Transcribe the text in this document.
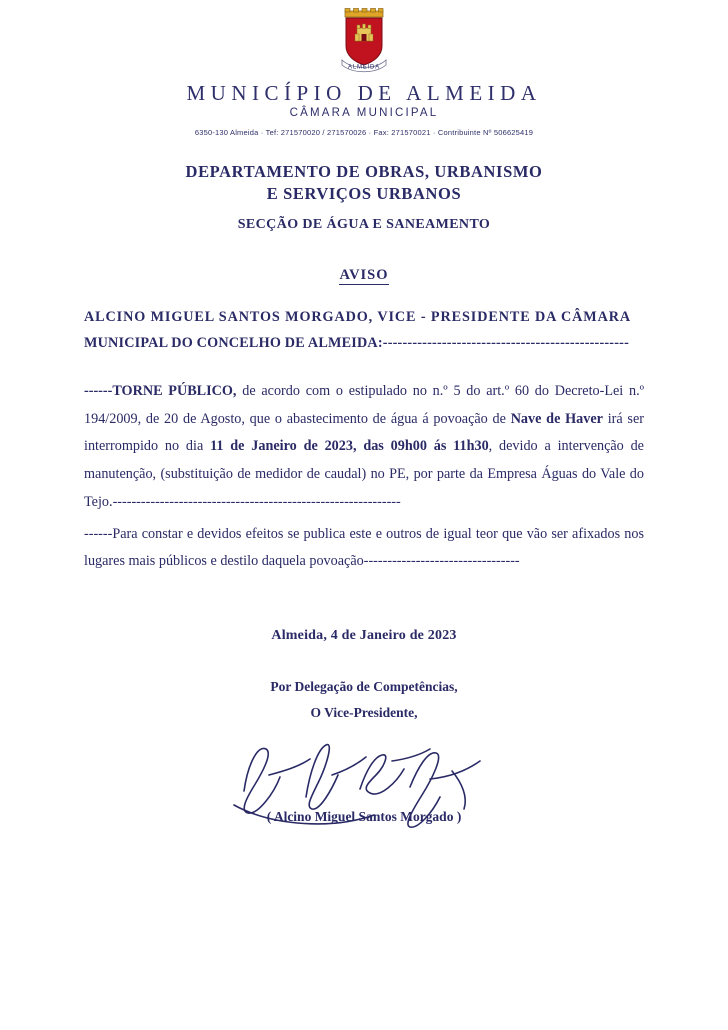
ALMEIDA
MUNICÍPIO DE ALMEIDA
CÂMARA MUNICIPAL
6350-130 Almeida · Tef: 271570020 / 271570026 · Fax: 271570021 · Contribuinte Nº 506625419
DEPARTAMENTO DE OBRAS, URBANISMO
E SERVIÇOS URBANOS
SECÇÃO DE ÁGUA E SANEAMENTO
AVISO
ALCINO MIGUEL SANTOS MORGADO, VICE - PRESIDENTE DA CÂMARA
MUNICIPAL DO CONCELHO DE ALMEIDA:--------------------------------------------------
------TORNE PÚBLICO, de acordo com o estipulado no n.º 5 do art.º 60 do Decreto-Lei n.º 194/2009, de 20 de Agosto, que o abastecimento de água á povoação de Nave de Haver irá ser interrompido no dia 11 de Janeiro de 2023, das 09h00 ás 11h30, devido a intervenção de manutenção, (substituição de medidor de caudal) no PE, por parte da Empresa Águas do Vale do Tejo.-------------------------------------------------------------
------Para constar e devidos efeitos se publica este e outros de igual teor que vão ser afixados nos lugares mais públicos e destilo daquela povoação---------------------------------
Almeida, 4 de Janeiro de 2023
Por Delegação de Competências,
O Vice-Presidente,
( Alcino Miguel Santos Morgado )
